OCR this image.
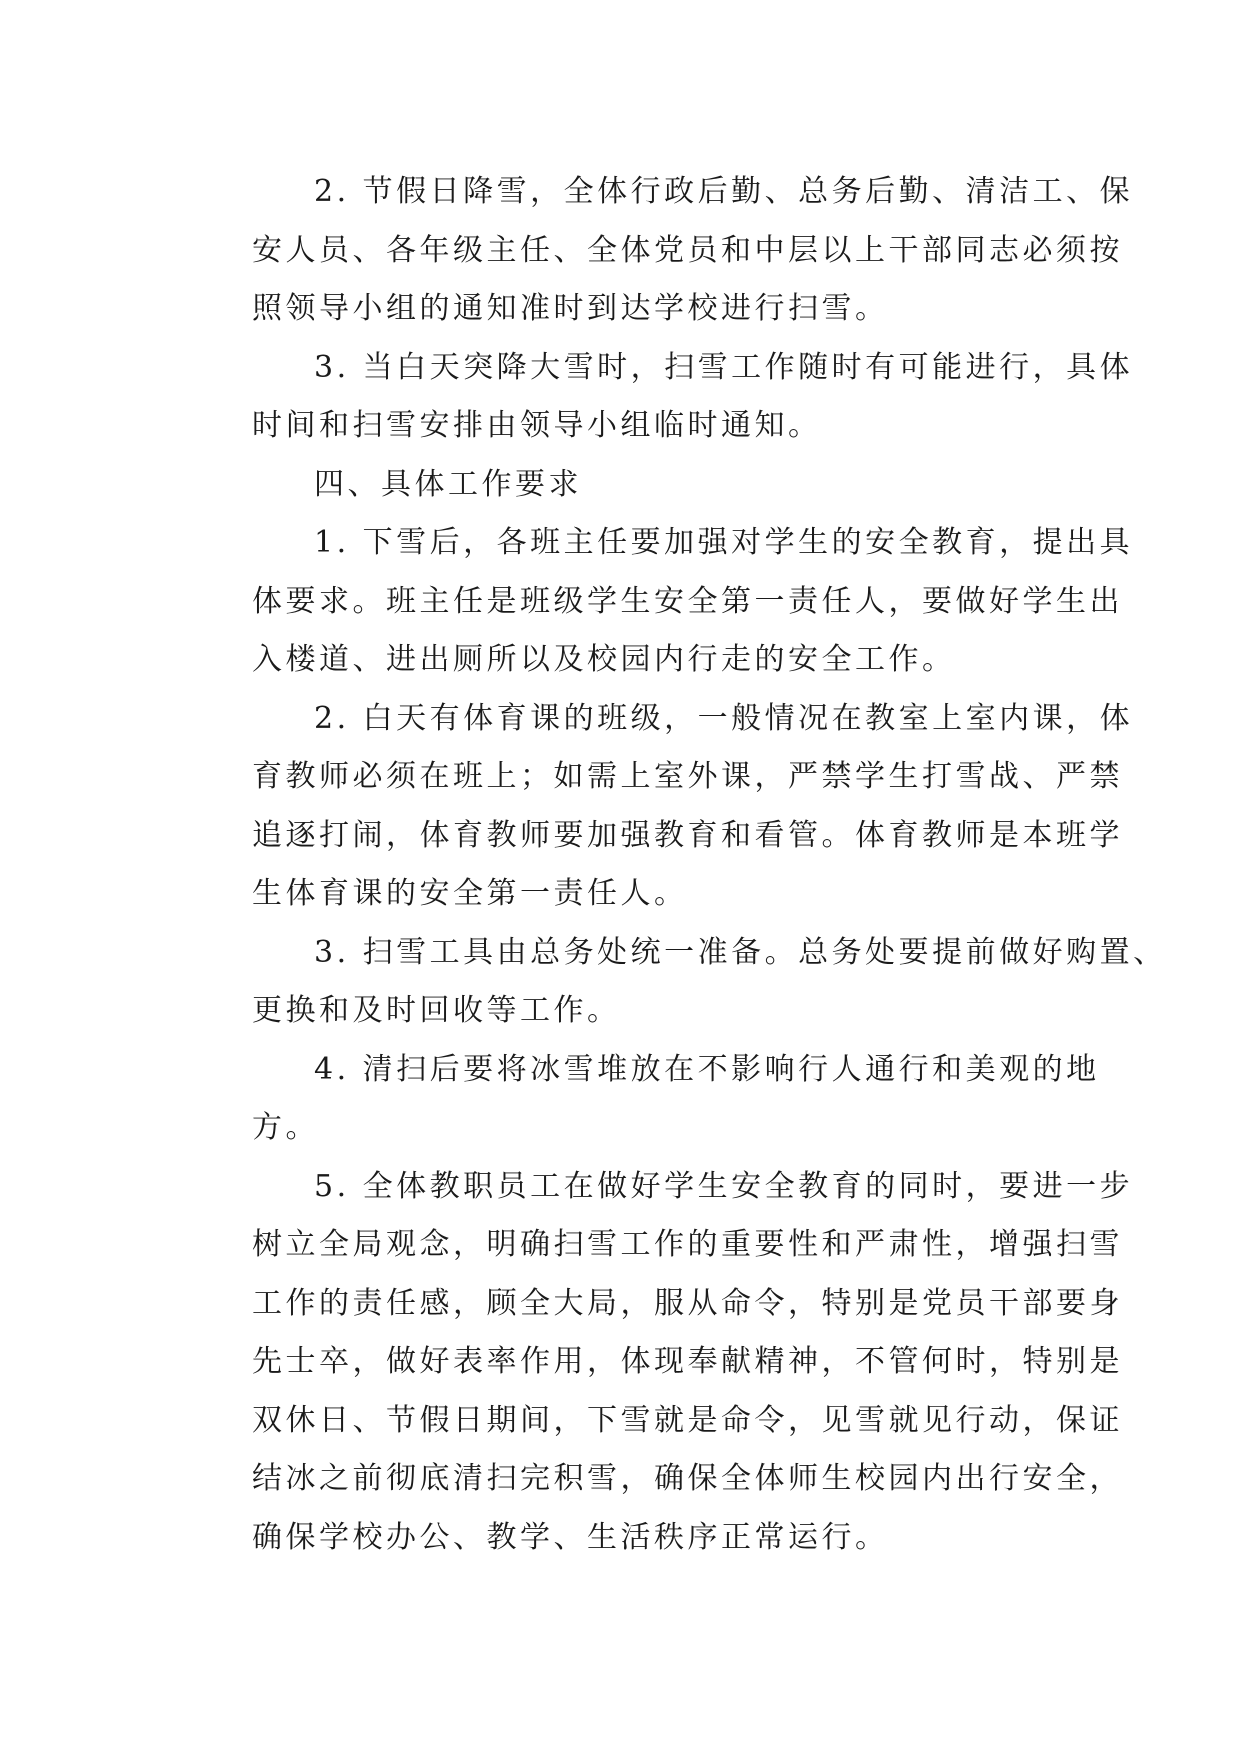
2. 节假日降雪，全体行政后勤、总务后勤、清洁工、保
安人员、各年级主任、全体党员和中层以上干部同志必须按
照领导小组的通知准时到达学校进行扫雪。
3. 当白天突降大雪时，扫雪工作随时有可能进行，具体
时间和扫雪安排由领导小组临时通知。
四、具体工作要求
1. 下雪后，各班主任要加强对学生的安全教育，提出具
体要求。班主任是班级学生安全第一责任人，要做好学生出
入楼道、进出厕所以及校园内行走的安全工作。
2. 白天有体育课的班级，一般情况在教室上室内课，体
育教师必须在班上；如需上室外课，严禁学生打雪战、严禁
追逐打闹，体育教师要加强教育和看管。体育教师是本班学
生体育课的安全第一责任人。
3. 扫雪工具由总务处统一准备。总务处要提前做好购置、
更换和及时回收等工作。
4. 清扫后要将冰雪堆放在不影响行人通行和美观的地
方。
5. 全体教职员工在做好学生安全教育的同时，要进一步
树立全局观念，明确扫雪工作的重要性和严肃性，增强扫雪
工作的责任感，顾全大局，服从命令，特别是党员干部要身
先士卒，做好表率作用，体现奉献精神，不管何时，特别是
双休日、节假日期间，下雪就是命令，见雪就见行动，保证
结冰之前彻底清扫完积雪，确保全体师生校园内出行安全，
确保学校办公、教学、生活秩序正常运行。
